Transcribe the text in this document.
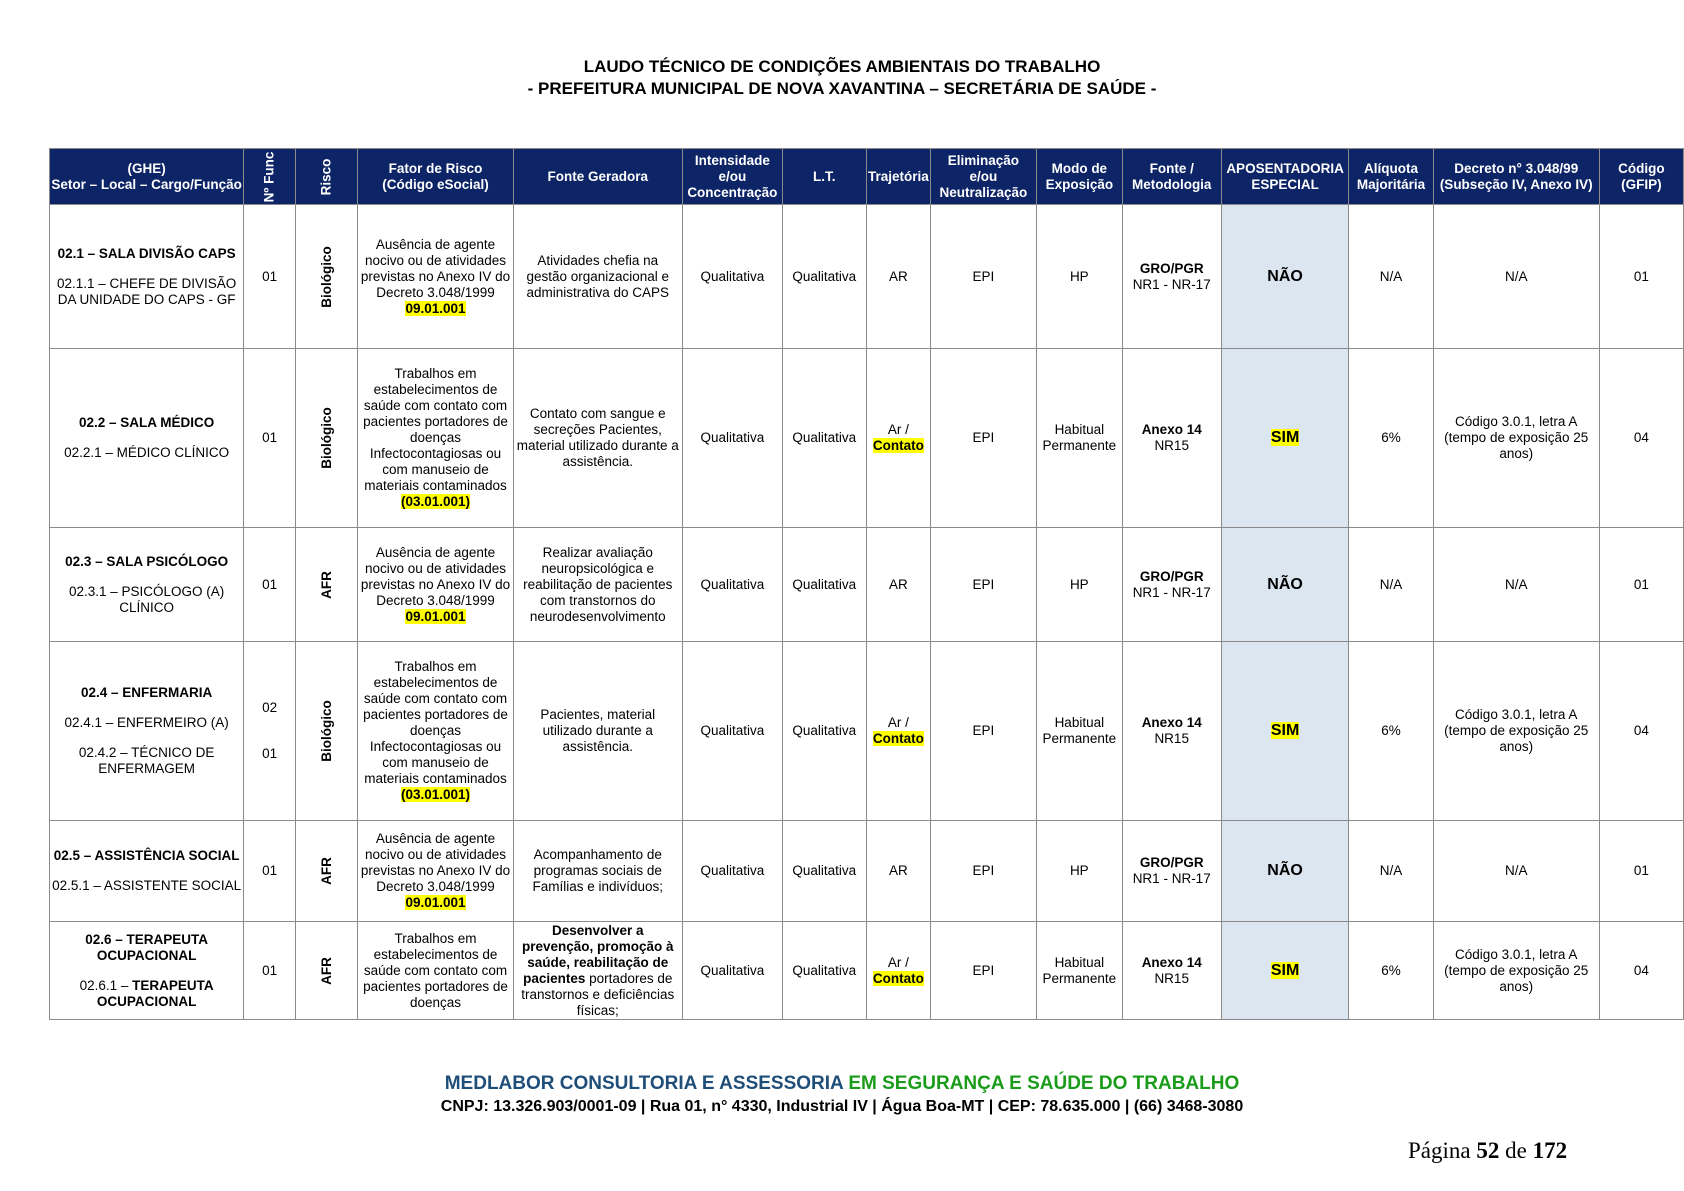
LAUDO TÉCNICO DE CONDIÇÕES AMBIENTAIS DO TRABALHO
- PREFEITURA MUNICIPAL DE NOVA XAVANTINA – SECRETÁRIA DE SAÚDE -
(GHE)
Setor – Local – Cargo/Função	Nº Func	Risco	Fator de Risco
(Código eSocial)	Fonte Geradora	Intensidade
e/ou
Concentração	L.T.	Trajetória	Eliminação
e/ou
Neutralização	Modo de
Exposição	Fonte /
Metodologia	APOSENTADORIA
ESPECIAL	Alíquota
Majoritária	Decreto n° 3.048/99
(Subseção IV, Anexo IV)	Código
(GFIP)

02.1 – SALA DIVISÃO CAPS
02.1.1 – CHEFE DE DIVISÃO DA UNIDADE DO CAPS - GF	01	Biológico	Ausência de agente nocivo ou de atividades previstas no Anexo IV do Decreto 3.048/1999
09.01.001	Atividades chefia na gestão organizacional e administrativa do CAPS	Qualitativa	Qualitativa	AR	EPI	HP	GRO/PGR
NR1 - NR-17	NÃO	N/A	N/A	01

02.2 – SALA MÉDICO
02.2.1 – MÉDICO CLÍNICO	01	Biológico	Trabalhos em estabelecimentos de saúde com contato com pacientes portadores de doenças Infectocontagiosas ou com manuseio de materiais contaminados
(03.01.001)	Contato com sangue e secreções Pacientes, material utilizado durante a assistência.	Qualitativa	Qualitativa	Ar /
Contato	EPI	Habitual Permanente	Anexo 14
NR15	SIM	6%	Código 3.0.1, letra A (tempo de exposição 25 anos)	04

02.3 – SALA PSICÓLOGO
02.3.1 – PSICÓLOGO (A) CLÍNICO	01	AFR	Ausência de agente nocivo ou de atividades previstas no Anexo IV do Decreto 3.048/1999
09.01.001	Realizar avaliação neuropsicológica e reabilitação de pacientes com transtornos do neurodesenvolvimento	Qualitativa	Qualitativa	AR	EPI	HP	GRO/PGR
NR1 - NR-17	NÃO	N/A	N/A	01

02.4 – ENFERMARIA
02.4.1 – ENFERMEIRO (A)
02.4.2 – TÉCNICO DE ENFERMAGEM	02
01	Biológico	Trabalhos em estabelecimentos de saúde com contato com pacientes portadores de doenças Infectocontagiosas ou com manuseio de materiais contaminados
(03.01.001)	Pacientes, material utilizado durante a assistência.	Qualitativa	Qualitativa	Ar /
Contato	EPI	Habitual Permanente	Anexo 14
NR15	SIM	6%	Código 3.0.1, letra A (tempo de exposição 25 anos)	04

02.5 – ASSISTÊNCIA SOCIAL
02.5.1 – ASSISTENTE SOCIAL	01	AFR	Ausência de agente nocivo ou de atividades previstas no Anexo IV do Decreto 3.048/1999
09.01.001	Acompanhamento de programas sociais de Famílias e indivíduos;	Qualitativa	Qualitativa	AR	EPI	HP	GRO/PGR
NR1 - NR-17	NÃO	N/A	N/A	01

02.6 – TERAPEUTA OCUPACIONAL
02.6.1 – TERAPEUTA OCUPACIONAL	01	AFR	Trabalhos em estabelecimentos de saúde com contato com pacientes portadores de doenças	Desenvolver a prevenção, promoção à saúde, reabilitação de pacientes portadores de transtornos e deficiências físicas;	Qualitativa	Qualitativa	Ar /
Contato	EPI	Habitual Permanente	Anexo 14
NR15	SIM	6%	Código 3.0.1, letra A (tempo de exposição 25 anos)	04
MEDLABOR CONSULTORIA E ASSESSORIA EM SEGURANÇA E SAÚDE DO TRABALHO
CNPJ: 13.326.903/0001-09 | Rua 01, n° 4330, Industrial IV | Água Boa-MT | CEP: 78.635.000 | (66) 3468-3080
Página 52 de 172
